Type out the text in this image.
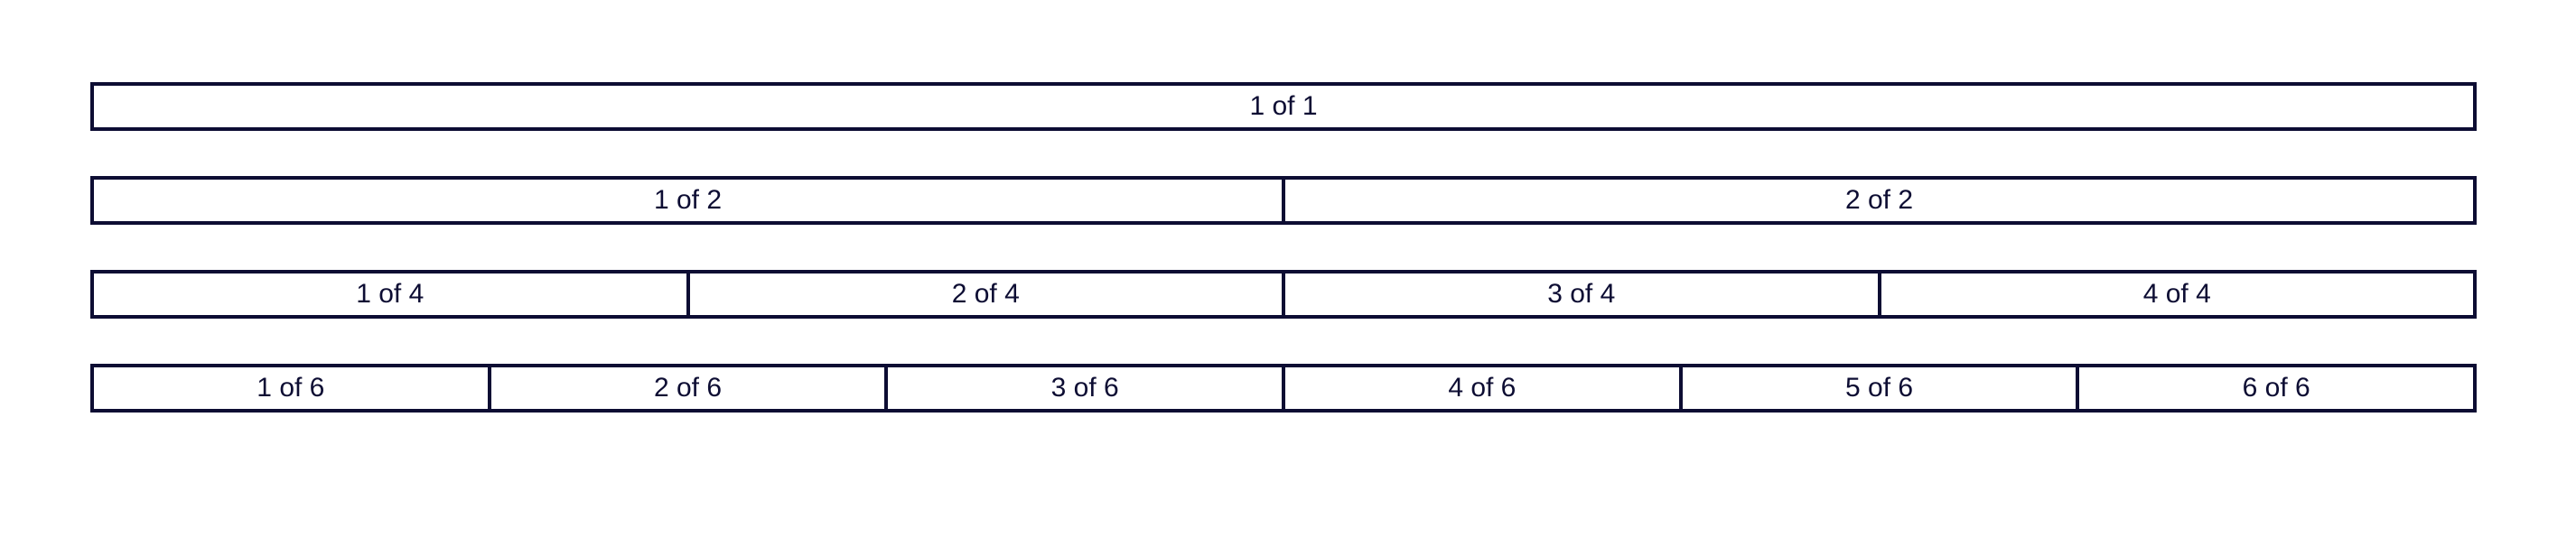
1 of 1
1 of 2	2 of 2
1 of 4	2 of 4	3 of 4	4 of 4
1 of 6	2 of 6	3 of 6	4 of 6	5 of 6	6 of 6
